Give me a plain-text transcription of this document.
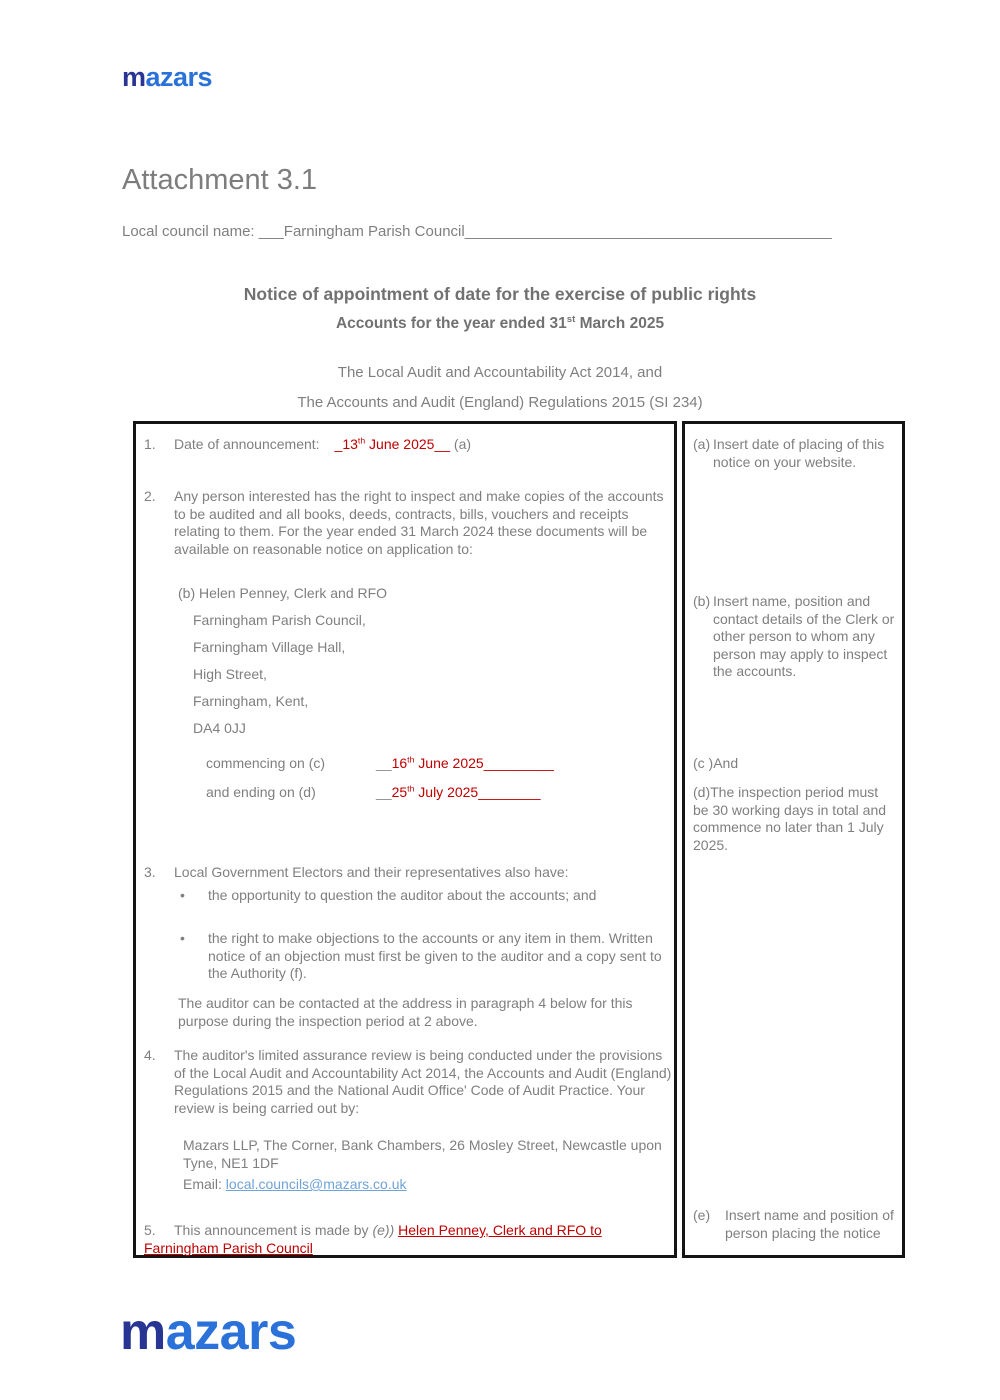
mazars
Attachment 3.1
Local council name: ___Farningham Parish Council____________________________________________
Notice of appointment of date for the exercise of public rights
Accounts for the year ended 31st March 2025
The Local Audit and Accountability Act 2014, and
The Accounts and Audit (England) Regulations 2015 (SI 234)
1. Date of announcement: _13th June 2025__ (a)
2.	Any person interested has the right to inspect and make copies of the accounts to be audited and all books, deeds, contracts, bills, vouchers and receipts relating to them. For the year ended 31 March 2024 these documents will be available on reasonable notice on application to:
(b) Helen Penney, Clerk and RFO
Farningham Parish Council,
Farningham Village Hall,
High Street,
Farningham, Kent,
DA4 0JJ
commencing on (c)	__16th June 2025_________
and ending on (d)	__25th July 2025________
3.	Local Government Electors and their representatives also have:
• the opportunity to question the auditor about the accounts; and
• the right to make objections to the accounts or any item in them. Written notice of an objection must first be given to the auditor and a copy sent to the Authority (f).
The auditor can be contacted at the address in paragraph 4 below for this purpose during the inspection period at 2 above.
4.	The auditor's limited assurance review is being conducted under the provisions of the Local Audit and Accountability Act 2014, the Accounts and Audit (England) Regulations 2015 and the National Audit Office' Code of Audit Practice. Your review is being carried out by:
Mazars LLP, The Corner, Bank Chambers, 26 Mosley Street, Newcastle upon Tyne, NE1 1DF
Email: local.councils@mazars.co.uk
5. This announcement is made by (e)) Helen Penney, Clerk and RFO to Farningham Parish Council
(a) Insert date of placing of this notice on your website.
(b) Insert name, position and contact details of the Clerk or other person to whom any person may apply to inspect the accounts.
(c )And
(d)The inspection period must be 30 working days in total and commence no later than 1 July 2025.
(e)	Insert name and position of person placing the notice
mazars
